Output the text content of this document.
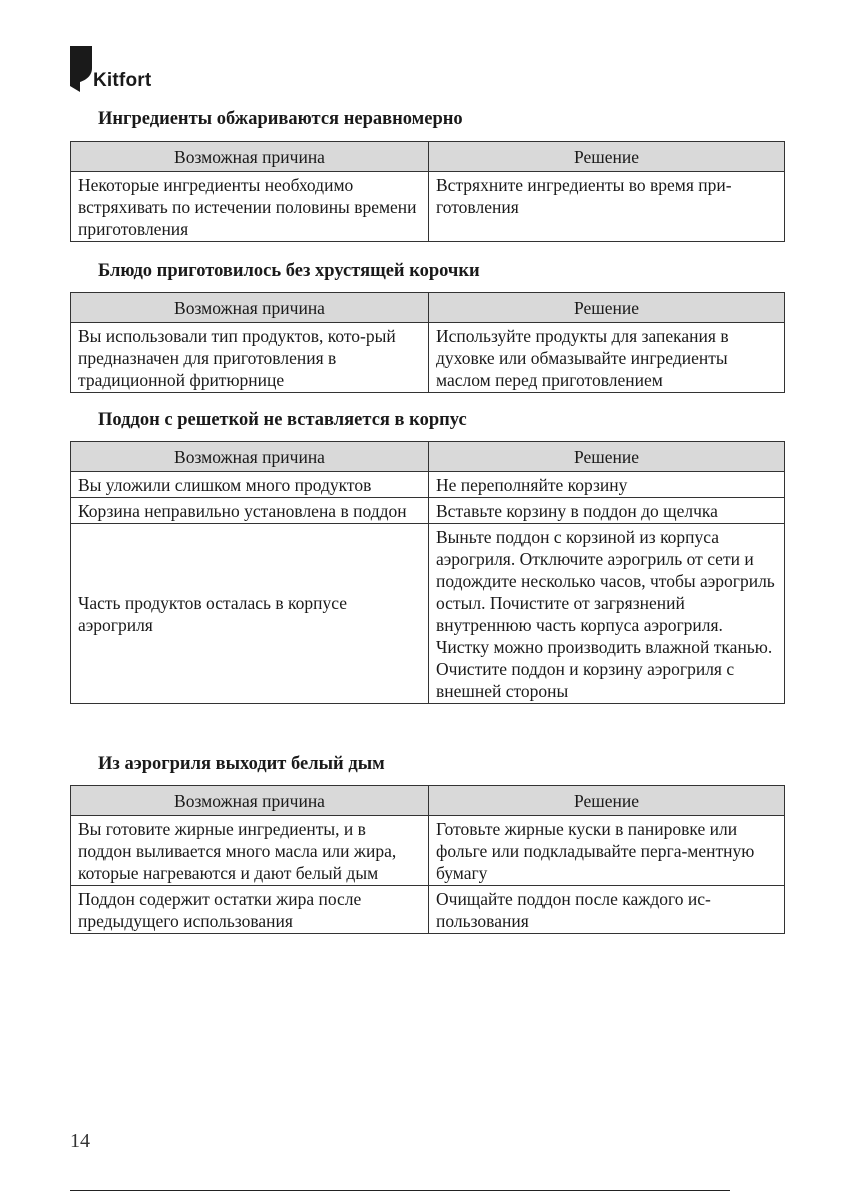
Kitfort
Ингредиенты обжариваются неравномерно
Возможная причина	Решение
Некоторые ингредиенты необходимо встряхивать по истечении половины времени приготовления	Встряхните ингредиенты во время при-готовления
Блюдо приготовилось без хрустящей корочки
Возможная причина	Решение
Вы использовали тип продуктов, кото-рый предназначен для приготовления в традиционной фритюрнице	Используйте продукты для запекания в духовке или обмазывайте ингредиенты маслом перед приготовлением
Поддон с решеткой не вставляется в корпус
Возможная причина	Решение
Вы уложили слишком много продуктов	Не переполняйте корзину
Корзина неправильно установлена в поддон	Вставьте корзину в поддон до щелчка
Часть продуктов осталась в корпусе аэрогриля	Выньте поддон с корзиной из корпуса аэрогриля. Отключите аэрогриль от сети и подождите несколько часов, чтобы аэрогриль остыл. Почистите от загрязнений внутреннюю часть корпуса аэрогриля. Чистку можно производить влажной тканью. Очистите поддон и корзину аэрогриля с внешней стороны
Из аэрогриля выходит белый дым
Возможная причина	Решение
Вы готовите жирные ингредиенты, и в поддон выливается много масла или жира, которые нагреваются и дают белый дым	Готовьте жирные куски в панировке или фольге или подкладывайте перга-ментную бумагу
Поддон содержит остатки жира после предыдущего использования	Очищайте поддон после каждого ис-пользования
14
